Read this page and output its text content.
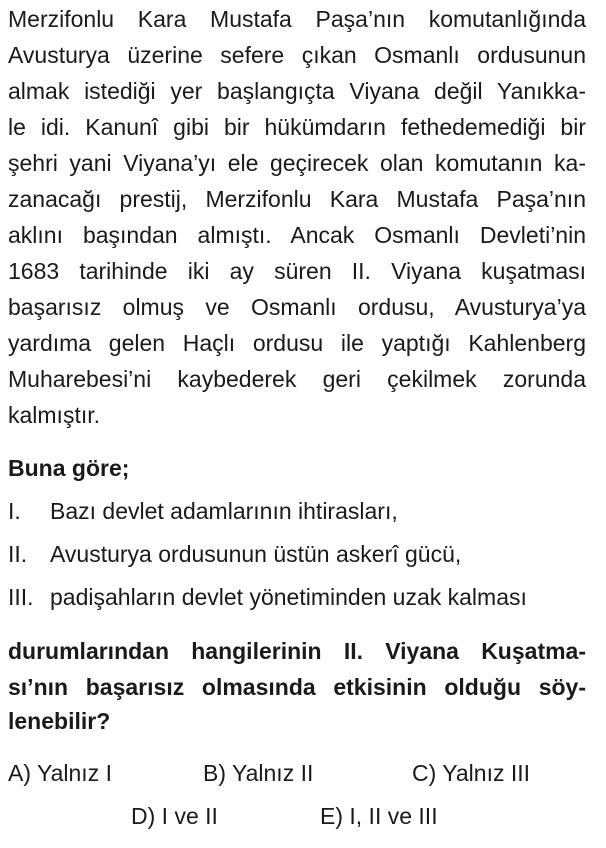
Merzifonlu Kara Mustafa Paşa’nın komutanlığında
Avusturya üzerine sefere çıkan Osmanlı ordusunun
almak istediği yer başlangıçta Viyana değil Yanıkka-
le idi. Kanunî gibi bir hükümdarın fethedemediği bir
şehri yani Viyana’yı ele geçirecek olan komutanın ka-
zanacağı prestij, Merzifonlu Kara Mustafa Paşa’nın
aklını başından almıştı. Ancak Osmanlı Devleti’nin
1683 tarihinde iki ay süren II. Viyana kuşatması
başarısız olmuş ve Osmanlı ordusu, Avusturya’ya
yardıma gelen Haçlı ordusu ile yaptığı Kahlenberg
Muharebesi’ni kaybederek geri çekilmek zorunda
kalmıştır.
Buna göre;
I. Bazı devlet adamlarının ihtirasları,
II. Avusturya ordusunun üstün askerî gücü,
III. padişahların devlet yönetiminden uzak kalması
durumlarından hangilerinin II. Viyana Kuşatma-
sı’nın başarısız olmasında etkisinin olduğu söy-
lenebilir?
A) Yalnız I	B) Yalnız II	C) Yalnız III
D) I ve II	E) I, II ve III
